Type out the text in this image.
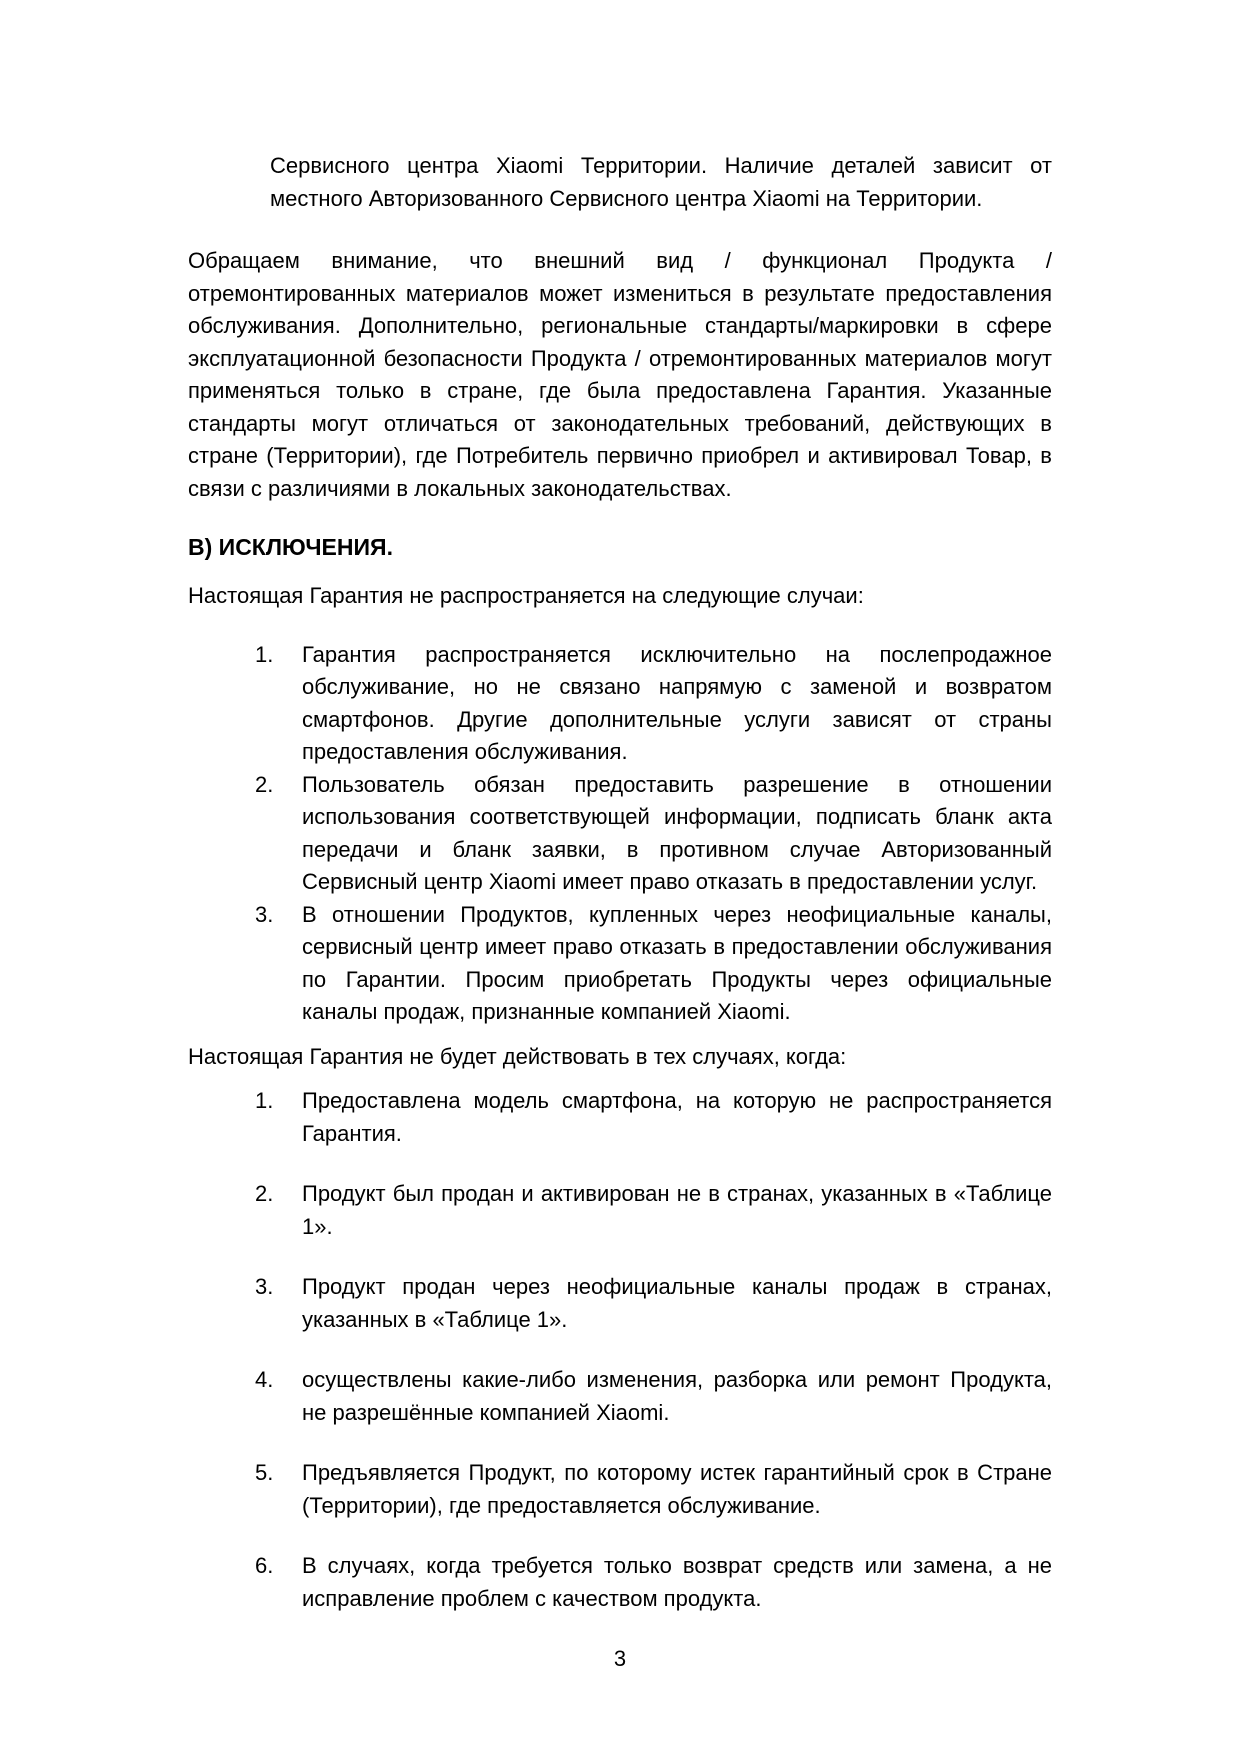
Сервисного центра Xiaomi Территории. Наличие деталей зависит от местного Авторизованного Сервисного центра Xiaomi на Территории.

Обращаем внимание, что внешний вид / функционал Продукта / отремонтированных материалов может измениться в результате предоставления обслуживания. Дополнительно, региональные стандарты/маркировки в сфере эксплуатационной безопасности Продукта / отремонтированных материалов могут применяться только в стране, где была предоставлена Гарантия. Указанные стандарты могут отличаться от законодательных требований, действующих в стране (Территории), где Потребитель первично приобрел и активировал Товар, в связи с различиями в локальных законодательствах.

В) ИСКЛЮЧЕНИЯ.

Настоящая Гарантия не распространяется на следующие случаи:

1.	Гарантия распространяется исключительно на послепродажное обслуживание, но не связано напрямую с заменой и возвратом смартфонов. Другие дополнительные услуги зависят от страны предоставления обслуживания.
2.	Пользователь обязан предоставить разрешение в отношении использования соответствующей информации, подписать бланк акта передачи и бланк заявки, в противном случае Авторизованный Сервисный центр Xiaomi имеет право отказать в предоставлении услуг.
3.	В отношении Продуктов, купленных через неофициальные каналы, сервисный центр имеет право отказать в предоставлении обслуживания по Гарантии. Просим приобретать Продукты через официальные каналы продаж, признанные компанией Xiaomi.

Настоящая Гарантия не будет действовать в тех случаях, когда:

1.	Предоставлена модель смартфона, на которую не распространяется Гарантия.
2.	Продукт был продан и активирован не в странах, указанных в «Таблице 1».
3.	Продукт продан через неофициальные каналы продаж в странах, указанных в «Таблице 1».
4.	осуществлены какие-либо изменения, разборка или ремонт Продукта, не разрешённые компанией Xiaomi.
5.	Предъявляется Продукт, по которому истек гарантийный срок в Стране (Территории), где предоставляется обслуживание.
6.	В случаях, когда требуется только возврат средств или замена, а не исправление проблем с качеством продукта.
3
